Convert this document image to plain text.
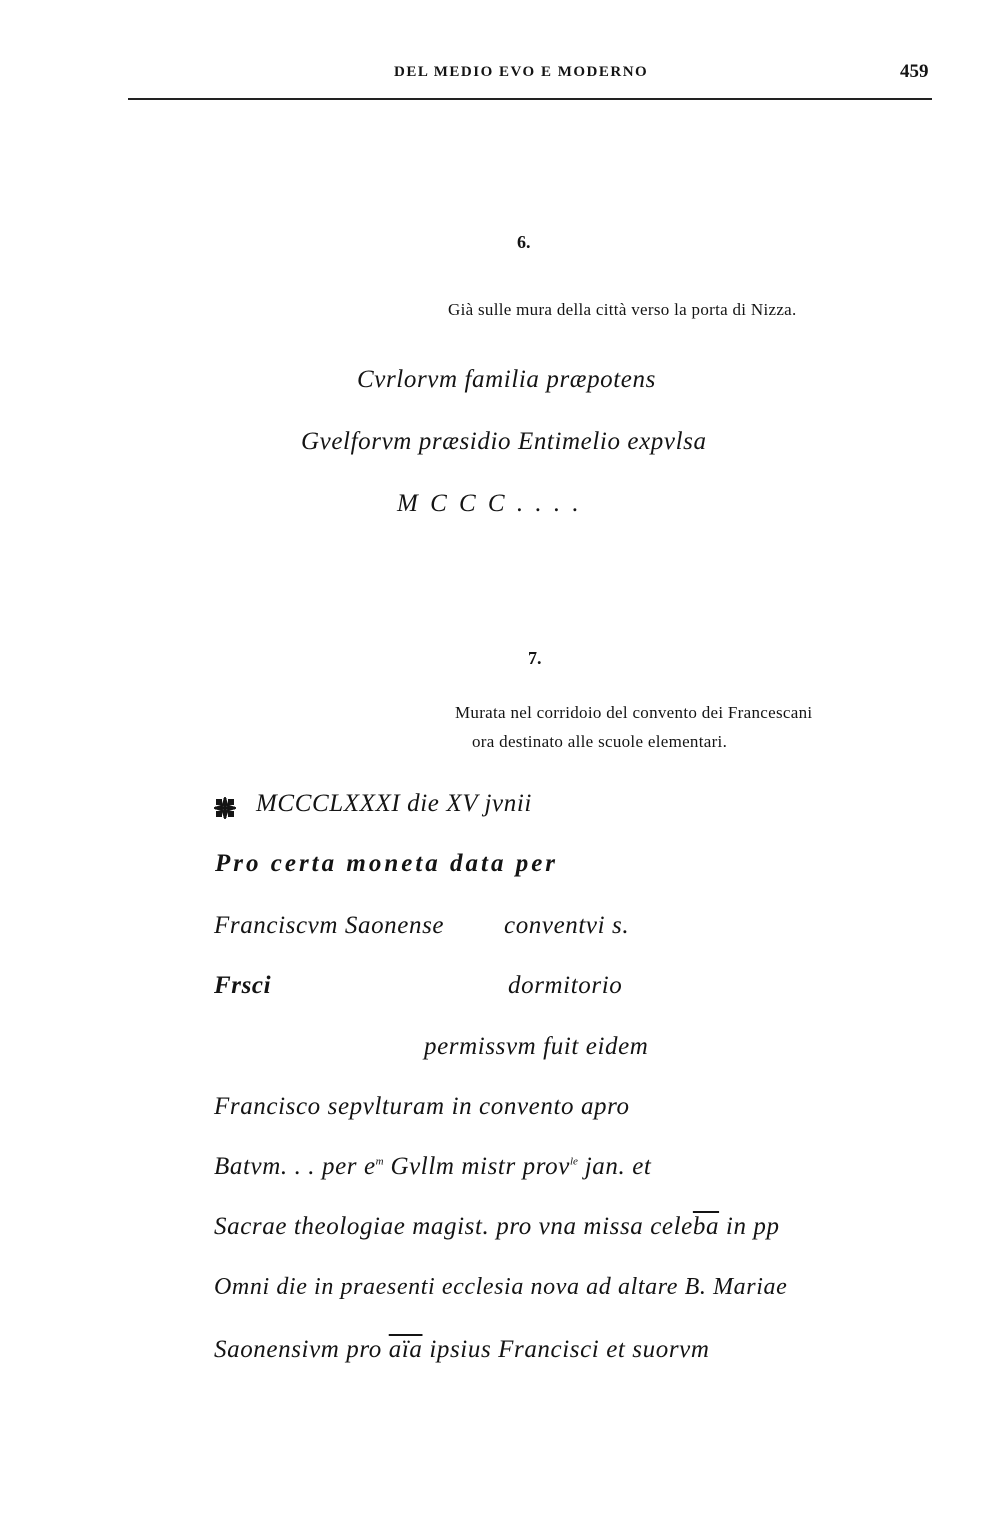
DEL MEDIO EVO E MODERNO	459
6.
Già sulle mura della città verso la porta di Nizza.
Cvrlorvm familia præpotens
Gvelforvm præsidio Entimelio expvlsa
M C C C . . . .
7.
Murata nel corridoio del convento dei Francescani
ora destinato alle scuole elementari.
MCCCLXXXI die XV jvnii
Pro certa moneta data per
Franciscvm Saonense conventvi s.
Frsci	dormitorio
permissvm fuit eidem
Francisco sepvlturam in convento apro
Batvm. . . per $e^m$ Gvllm mistr prov$^{le}$ jan. et
Sacrae theologiae magist. pro vna missa $cele\overline{ba}$ in pp
Omni die in praesenti ecclesia nova ad altare B. Mariae
Saonensivm pro $\overline{aïa}$ ipsius Francisci et suorvm
